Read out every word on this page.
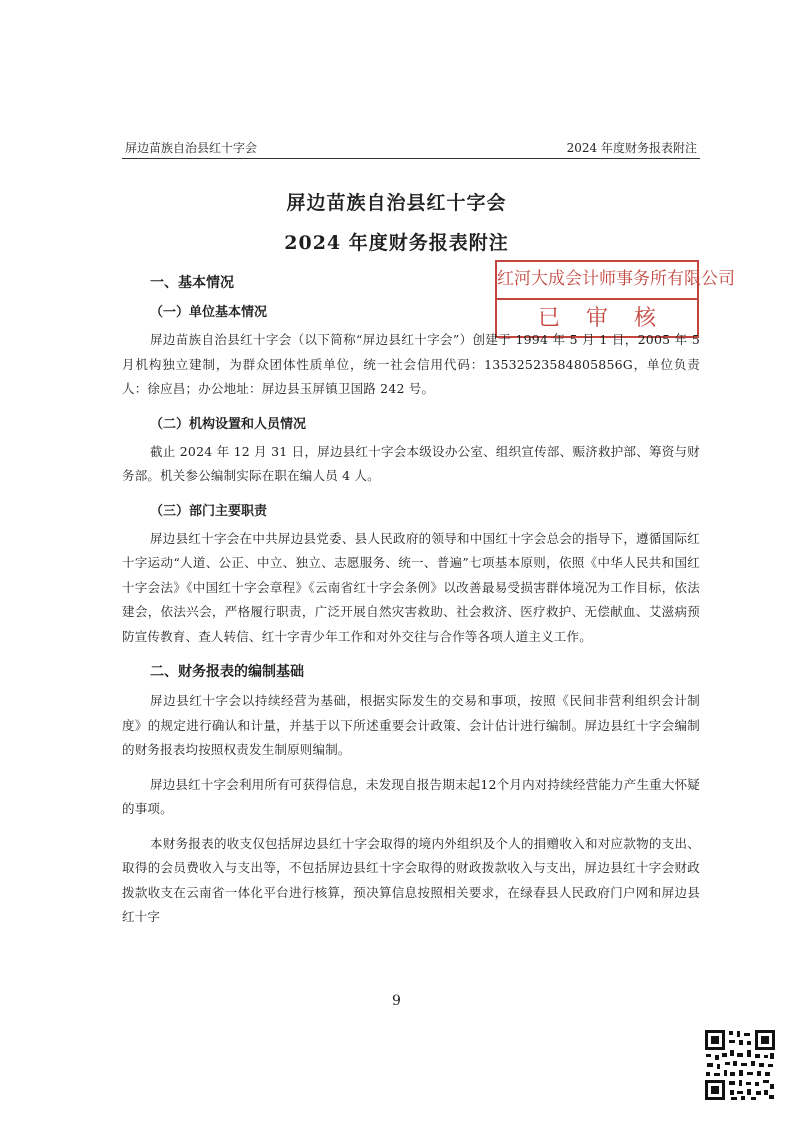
屏边苗族自治县红十字会	2024 年度财务报表附注
屏边苗族自治县红十字会
2024 年度财务报表附注
红河大成会计师事务所有限公司
已审核
一、基本情况
（一）单位基本情况
屏边苗族自治县红十字会（以下简称“屏边县红十字会”）创建于 1994 年 5 月 1 日，2005 年 5 月机构独立建制，为群众团体性质单位，统一社会信用代码：13532523584805856G，单位负责人：徐应昌；办公地址：屏边县玉屏镇卫国路 242 号。
（二）机构设置和人员情况
截止 2024 年 12 月 31 日，屏边县红十字会本级设办公室、组织宣传部、赈济救护部、筹资与财务部。机关参公编制实际在职在编人员 4 人。
（三）部门主要职责
屏边县红十字会在中共屏边县党委、县人民政府的领导和中国红十字会总会的指导下，遵循国际红十字运动“人道、公正、中立、独立、志愿服务、统一、普遍”七项基本原则，依照《中华人民共和国红十字会法》《中国红十字会章程》《云南省红十字会条例》以改善最易受损害群体境况为工作目标，依法建会，依法兴会，严格履行职责，广泛开展自然灾害救助、社会救济、医疗救护、无偿献血、艾滋病预防宣传教育、查人转信、红十字青少年工作和对外交往与合作等各项人道主义工作。
二、财务报表的编制基础
屏边县红十字会以持续经营为基础，根据实际发生的交易和事项，按照《民间非营利组织会计制度》的规定进行确认和计量，并基于以下所述重要会计政策、会计估计进行编制。屏边县红十字会编制的财务报表均按照权责发生制原则编制。
屏边县红十字会利用所有可获得信息，未发现自报告期末起12个月内对持续经营能力产生重大怀疑的事项。
本财务报表的收支仅包括屏边县红十字会取得的境内外组织及个人的捐赠收入和对应款物的支出、取得的会员费收入与支出等，不包括屏边县红十字会取得的财政拨款收入与支出，屏边县红十字会财政拨款收支在云南省一体化平台进行核算，预决算信息按照相关要求，在绿春县人民政府门户网和屏边县红十字
9
